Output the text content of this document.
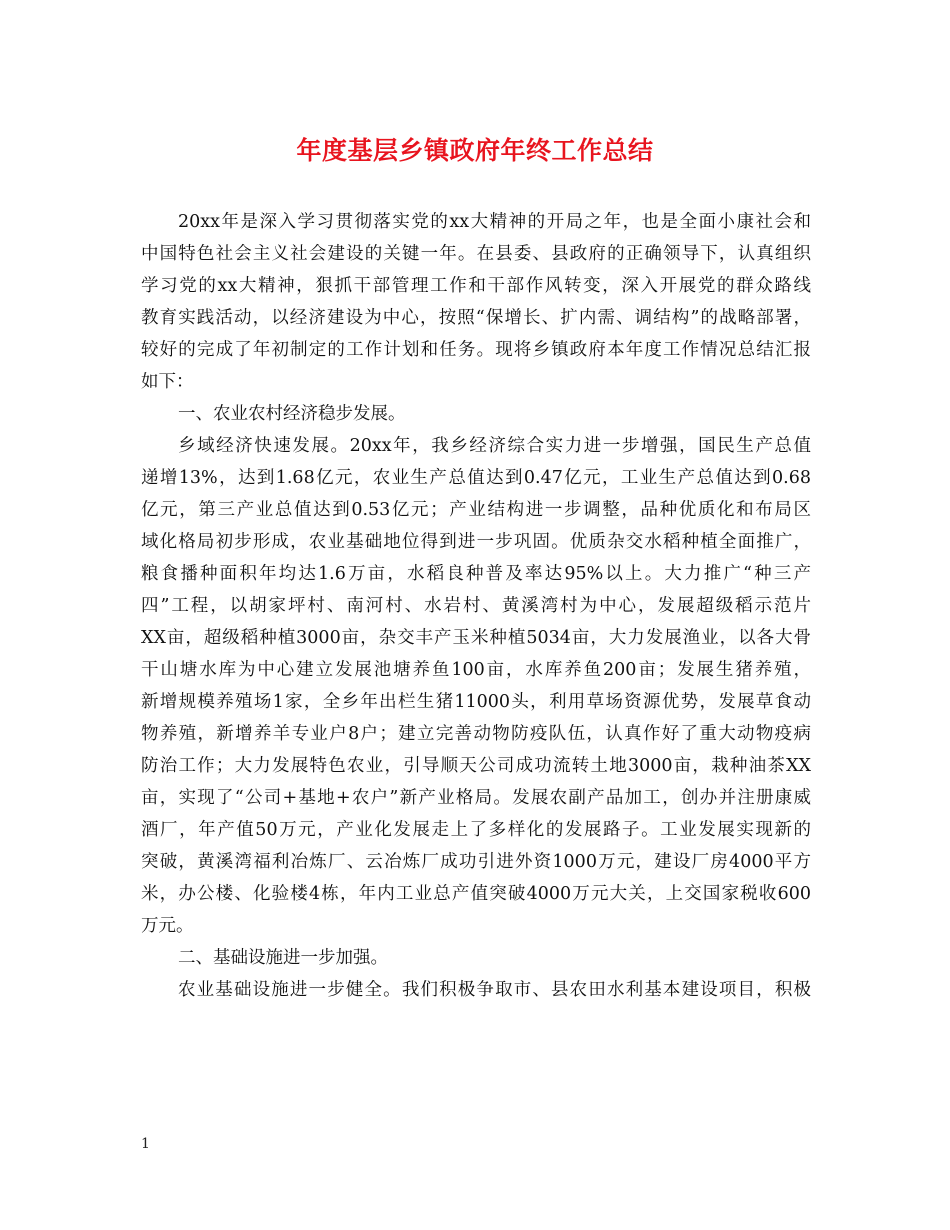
年度基层乡镇政府年终工作总结
20xx年是深入学习贯彻落实党的xx大精神的开局之年，也是全面小康社会和
中国特色社会主义社会建设的关键一年。在县委、县政府的正确领导下，认真组织
学习党的xx大精神，狠抓干部管理工作和干部作风转变，深入开展党的群众路线
教育实践活动，以经济建设为中心，按照“保增长、扩内需、调结构”的战略部署，
较好的完成了年初制定的工作计划和任务。现将乡镇政府本年度工作情况总结汇报
如下：
一、农业农村经济稳步发展。
乡域经济快速发展。20xx年，我乡经济综合实力进一步增强，国民生产总值
递增13%，达到1.68亿元，农业生产总值达到0.47亿元，工业生产总值达到0.68
亿元，第三产业总值达到0.53亿元；产业结构进一步调整，品种优质化和布局区
域化格局初步形成，农业基础地位得到进一步巩固。优质杂交水稻种植全面推广，
粮食播种面积年均达1.6万亩，水稻良种普及率达95%以上。大力推广“种三产
四”工程，以胡家坪村、南河村、水岩村、黄溪湾村为中心，发展超级稻示范片
XX亩，超级稻种植3000亩，杂交丰产玉米种植5034亩，大力发展渔业，以各大骨
干山塘水库为中心建立发展池塘养鱼100亩，水库养鱼200亩；发展生猪养殖，
新增规模养殖场1家，全乡年出栏生猪11000头，利用草场资源优势，发展草食动
物养殖，新增养羊专业户8户；建立完善动物防疫队伍，认真作好了重大动物疫病
防治工作；大力发展特色农业，引导顺天公司成功流转土地3000亩，栽种油茶XX
亩，实现了“公司+基地+农户”新产业格局。发展农副产品加工，创办并注册康威
酒厂，年产值50万元，产业化发展走上了多样化的发展路子。工业发展实现新的
突破，黄溪湾福利冶炼厂、云冶炼厂成功引进外资1000万元，建设厂房4000平方
米，办公楼、化验楼4栋，年内工业总产值突破4000万元大关，上交国家税收600
万元。
二、基础设施进一步加强。
农业基础设施进一步健全。我们积极争取市、县农田水利基本建设项目，积极
1
